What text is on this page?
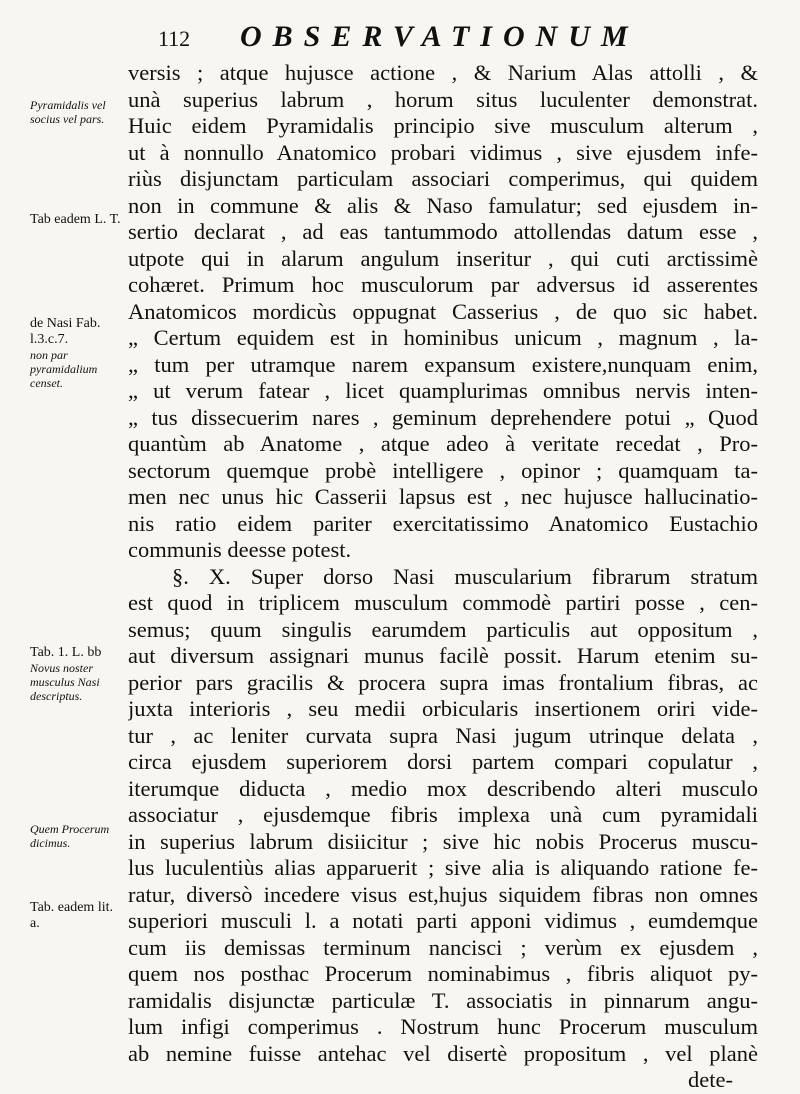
112 OBSERVATIONUM
Pyramidalis vel socius vel pars.
Tab eadem L. T.
de Nasi Fab. l.3.c.7.
non par pyramidalium censet.
Tab. 1. L. bb
Novus noster musculus Nasi descriptus.
Quem Procerum dicimus.
Tab. eadem lit. a.
versis ; atque hujusce actione , & Narium Alas attolli , &
unà superius labrum , horum situs luculenter demonstrat.
Huic eidem Pyramidalis principio sive musculum alterum ,
ut à nonnullo Anatomico probari vidimus , sive ejusdem infe-
riùs disjunctam particulam associari comperimus, qui quidem
non in commune & alis & Naso famulatur; sed ejusdem in-
sertio declarat , ad eas tantummodo attollendas datum esse ,
utpote qui in alarum angulum inseritur , qui cuti arctissimè
cohæret. Primum hoc musculorum par adversus id asserentes
Anatomicos mordicùs oppugnat Casserius , de quo sic habet.
„ Certum equidem est in hominibus unicum , magnum , la-
„ tum per utramque narem expansum existere,nunquam enim,
„ ut verum fatear , licet quamplurimas omnibus nervis inten-
„ tus dissecuerim nares , geminum deprehendere potui „ Quod
quantùm ab Anatome , atque adeo à veritate recedat , Pro-
sectorum quemque probè intelligere , opinor ; quamquam ta-
men nec unus hic Casserii lapsus est , nec hujusce hallucinatio-
nis ratio eidem pariter exercitatissimo Anatomico Eustachio
communis deesse potest.
§. X. Super dorso Nasi muscularium fibrarum stratum
est quod in triplicem musculum commodè partiri posse , cen-
semus; quum singulis earumdem particulis aut oppositum ,
aut diversum assignari munus facilè possit. Harum etenim su-
perior pars gracilis & procera supra imas frontalium fibras, ac
juxta interioris , seu medii orbicularis insertionem oriri vide-
tur , ac leniter curvata supra Nasi jugum utrinque delata ,
circa ejusdem superiorem dorsi partem compari copulatur ,
iterumque diducta , medio mox describendo alteri musculo
associatur , ejusdemque fibris implexa unà cum pyramidali
in superius labrum disiicitur ; sive hic nobis Procerus muscu-
lus luculentiùs alias apparuerit ; sive alia is aliquando ratione fe-
ratur, diversò incedere visus est,hujus siquidem fibras non omnes
superiori musculi l. a notati parti apponi vidimus , eumdemque
cum iis demissas terminum nancisci ; verùm ex ejusdem ,
quem nos posthac Procerum nominabimus , fibris aliquot py-
ramidalis disjunctæ particulæ T. associatis in pinnarum angu-
lum infigi comperimus . Nostrum hunc Procerum musculum
ab nemine fuisse antehac vel disertè propositum , vel planè
dete-
